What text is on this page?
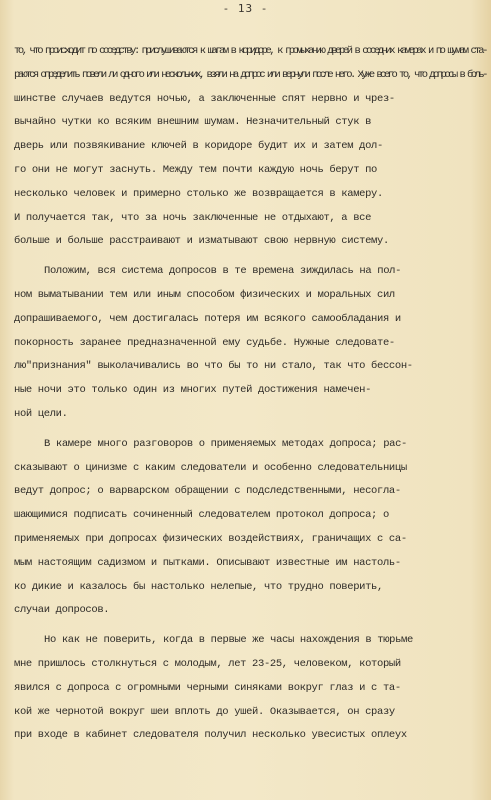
- 13 -
то, что происходит по соседству: прислушиваются к шагам в коридоре, к громыханию дверей в соседних камерах и по шумам ста-
раются определить повели ли одного или нескольких, взяли на допрос или вернули после него. Хуже всего то, что допросы в боль-
шинстве случаев ведутся ночью, а заключенные спят нервно и чрез-
вычайно чутки ко всяким внешним шумам. Незначительный стук в
дверь или позвякивание ключей в коридоре будит их и затем дол-
го они не могут заснуть. Между тем почти каждую ночь берут по
несколько человек и примерно столько же возвращается в камеру.
И получается так, что за ночь заключенные не отдыхают, а все
больше и больше расстраивают и изматывают свою нервную систему.
Положим, вся система допросов в те времена зиждилась на пол-
ном выматывании тем или иным способом физических и моральных сил
допрашиваемого, чем достигалась потеря им всякого самообладания и
покорность заранее предназначенной ему судьбе. Нужные следовате-
лю"признания" выколачивались во что бы то ни стало, так что бессон-
ные ночи это только один из многих путей достижения намечен-
ной цели.
В камере много разговоров о применяемых методах допроса; рас-
сказывают о цинизме с каким следователи и особенно следовательницы
ведут допрос; о варварском обращении с подследственными, несогла-
шающимися подписать сочиненный следователем протокол допроса; о
применяемых при допросах физических воздействиях, граничащих с са-
мым настоящим садизмом и пытками. Описывают известные им настоль-
ко дикие и казалось бы настолько нелепые, что трудно поверить,
случаи допросов.
Но как не поверить, когда в первые же часы нахождения в тюрьме
мне пришлось столкнуться с молодым, лет 23-25, человеком, который
явился с допроса с огромными черными синяками вокруг глаз и с та-
кой же чернотой вокруг шеи вплоть до ушей. Оказывается, он сразу
при входе в кабинет следователя получил несколько увесистых оплеух
